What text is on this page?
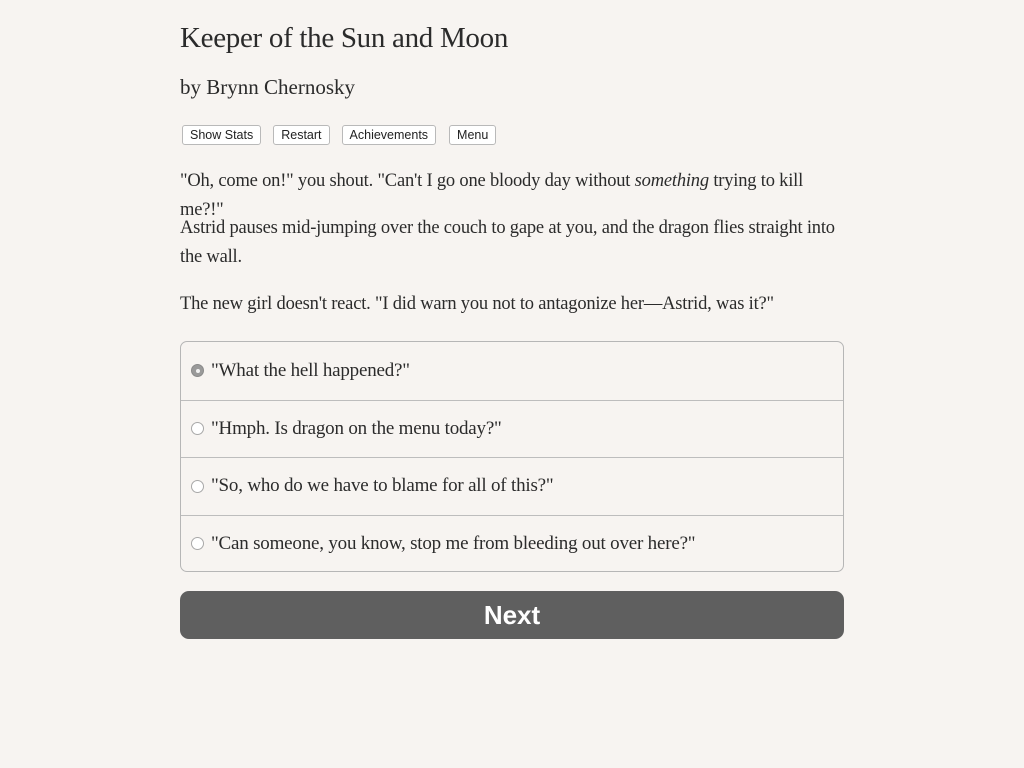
Keeper of the Sun and Moon
by Brynn Chernosky
Show Stats	Restart	Achievements	Menu
"Oh, come on!" you shout. "Can't I go one bloody day without something trying to kill me?!"
Astrid pauses mid-jumping over the couch to gape at you, and the dragon flies straight into the wall.
The new girl doesn't react. "I did warn you not to antagonize her—Astrid, was it?"
"What the hell happened?"
"Hmph. Is dragon on the menu today?"
"So, who do we have to blame for all of this?"
"Can someone, you know, stop me from bleeding out over here?"
Next
